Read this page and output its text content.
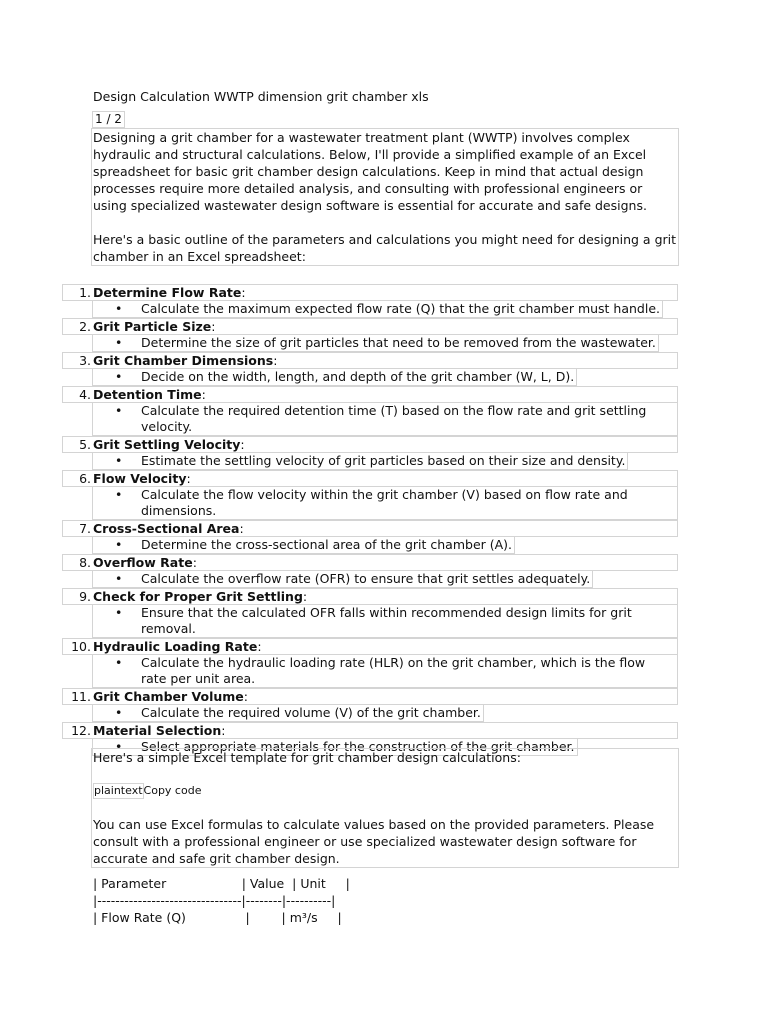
Design Calculation WWTP dimension grit chamber xls
1 / 2

Designing a grit chamber for a wastewater treatment plant (WWTP) involves complex hydraulic and structural calculations. Below, I'll provide a simplified example of an Excel spreadsheet for basic grit chamber design calculations. Keep in mind that actual design processes require more detailed analysis, and consulting with professional engineers or using specialized wastewater design software is essential for accurate and safe designs.

Here's a basic outline of the parameters and calculations you might need for designing a grit chamber in an Excel spreadsheet:

1. Determine Flow Rate:
• Calculate the maximum expected flow rate (Q) that the grit chamber must handle.
2. Grit Particle Size:
• Determine the size of grit particles that need to be removed from the wastewater.
3. Grit Chamber Dimensions:
• Decide on the width, length, and depth of the grit chamber (W, L, D).
4. Detention Time:
• Calculate the required detention time (T) based on the flow rate and grit settling velocity.
5. Grit Settling Velocity:
• Estimate the settling velocity of grit particles based on their size and density.
6. Flow Velocity:
• Calculate the flow velocity within the grit chamber (V) based on flow rate and dimensions.
7. Cross-Sectional Area:
• Determine the cross-sectional area of the grit chamber (A).
8. Overflow Rate:
• Calculate the overflow rate (OFR) to ensure that grit settles adequately.
9. Check for Proper Grit Settling:
• Ensure that the calculated OFR falls within recommended design limits for grit removal.
10. Hydraulic Loading Rate:
• Calculate the hydraulic loading rate (HLR) on the grit chamber, which is the flow rate per unit area.
11. Grit Chamber Volume:
• Calculate the required volume (V) of the grit chamber.
12. Material Selection:
• Select appropriate materials for the construction of the grit chamber.

Here's a simple Excel template for grit chamber design calculations:

plaintextCopy code

You can use Excel formulas to calculate values based on the provided parameters. Please consult with a professional engineer or use specialized wastewater design software for accurate and safe grit chamber design.

| Parameter                   | Value  | Unit     |
|--------------------------------|--------|----------|
| Flow Rate (Q)               |        | m³/s     |
